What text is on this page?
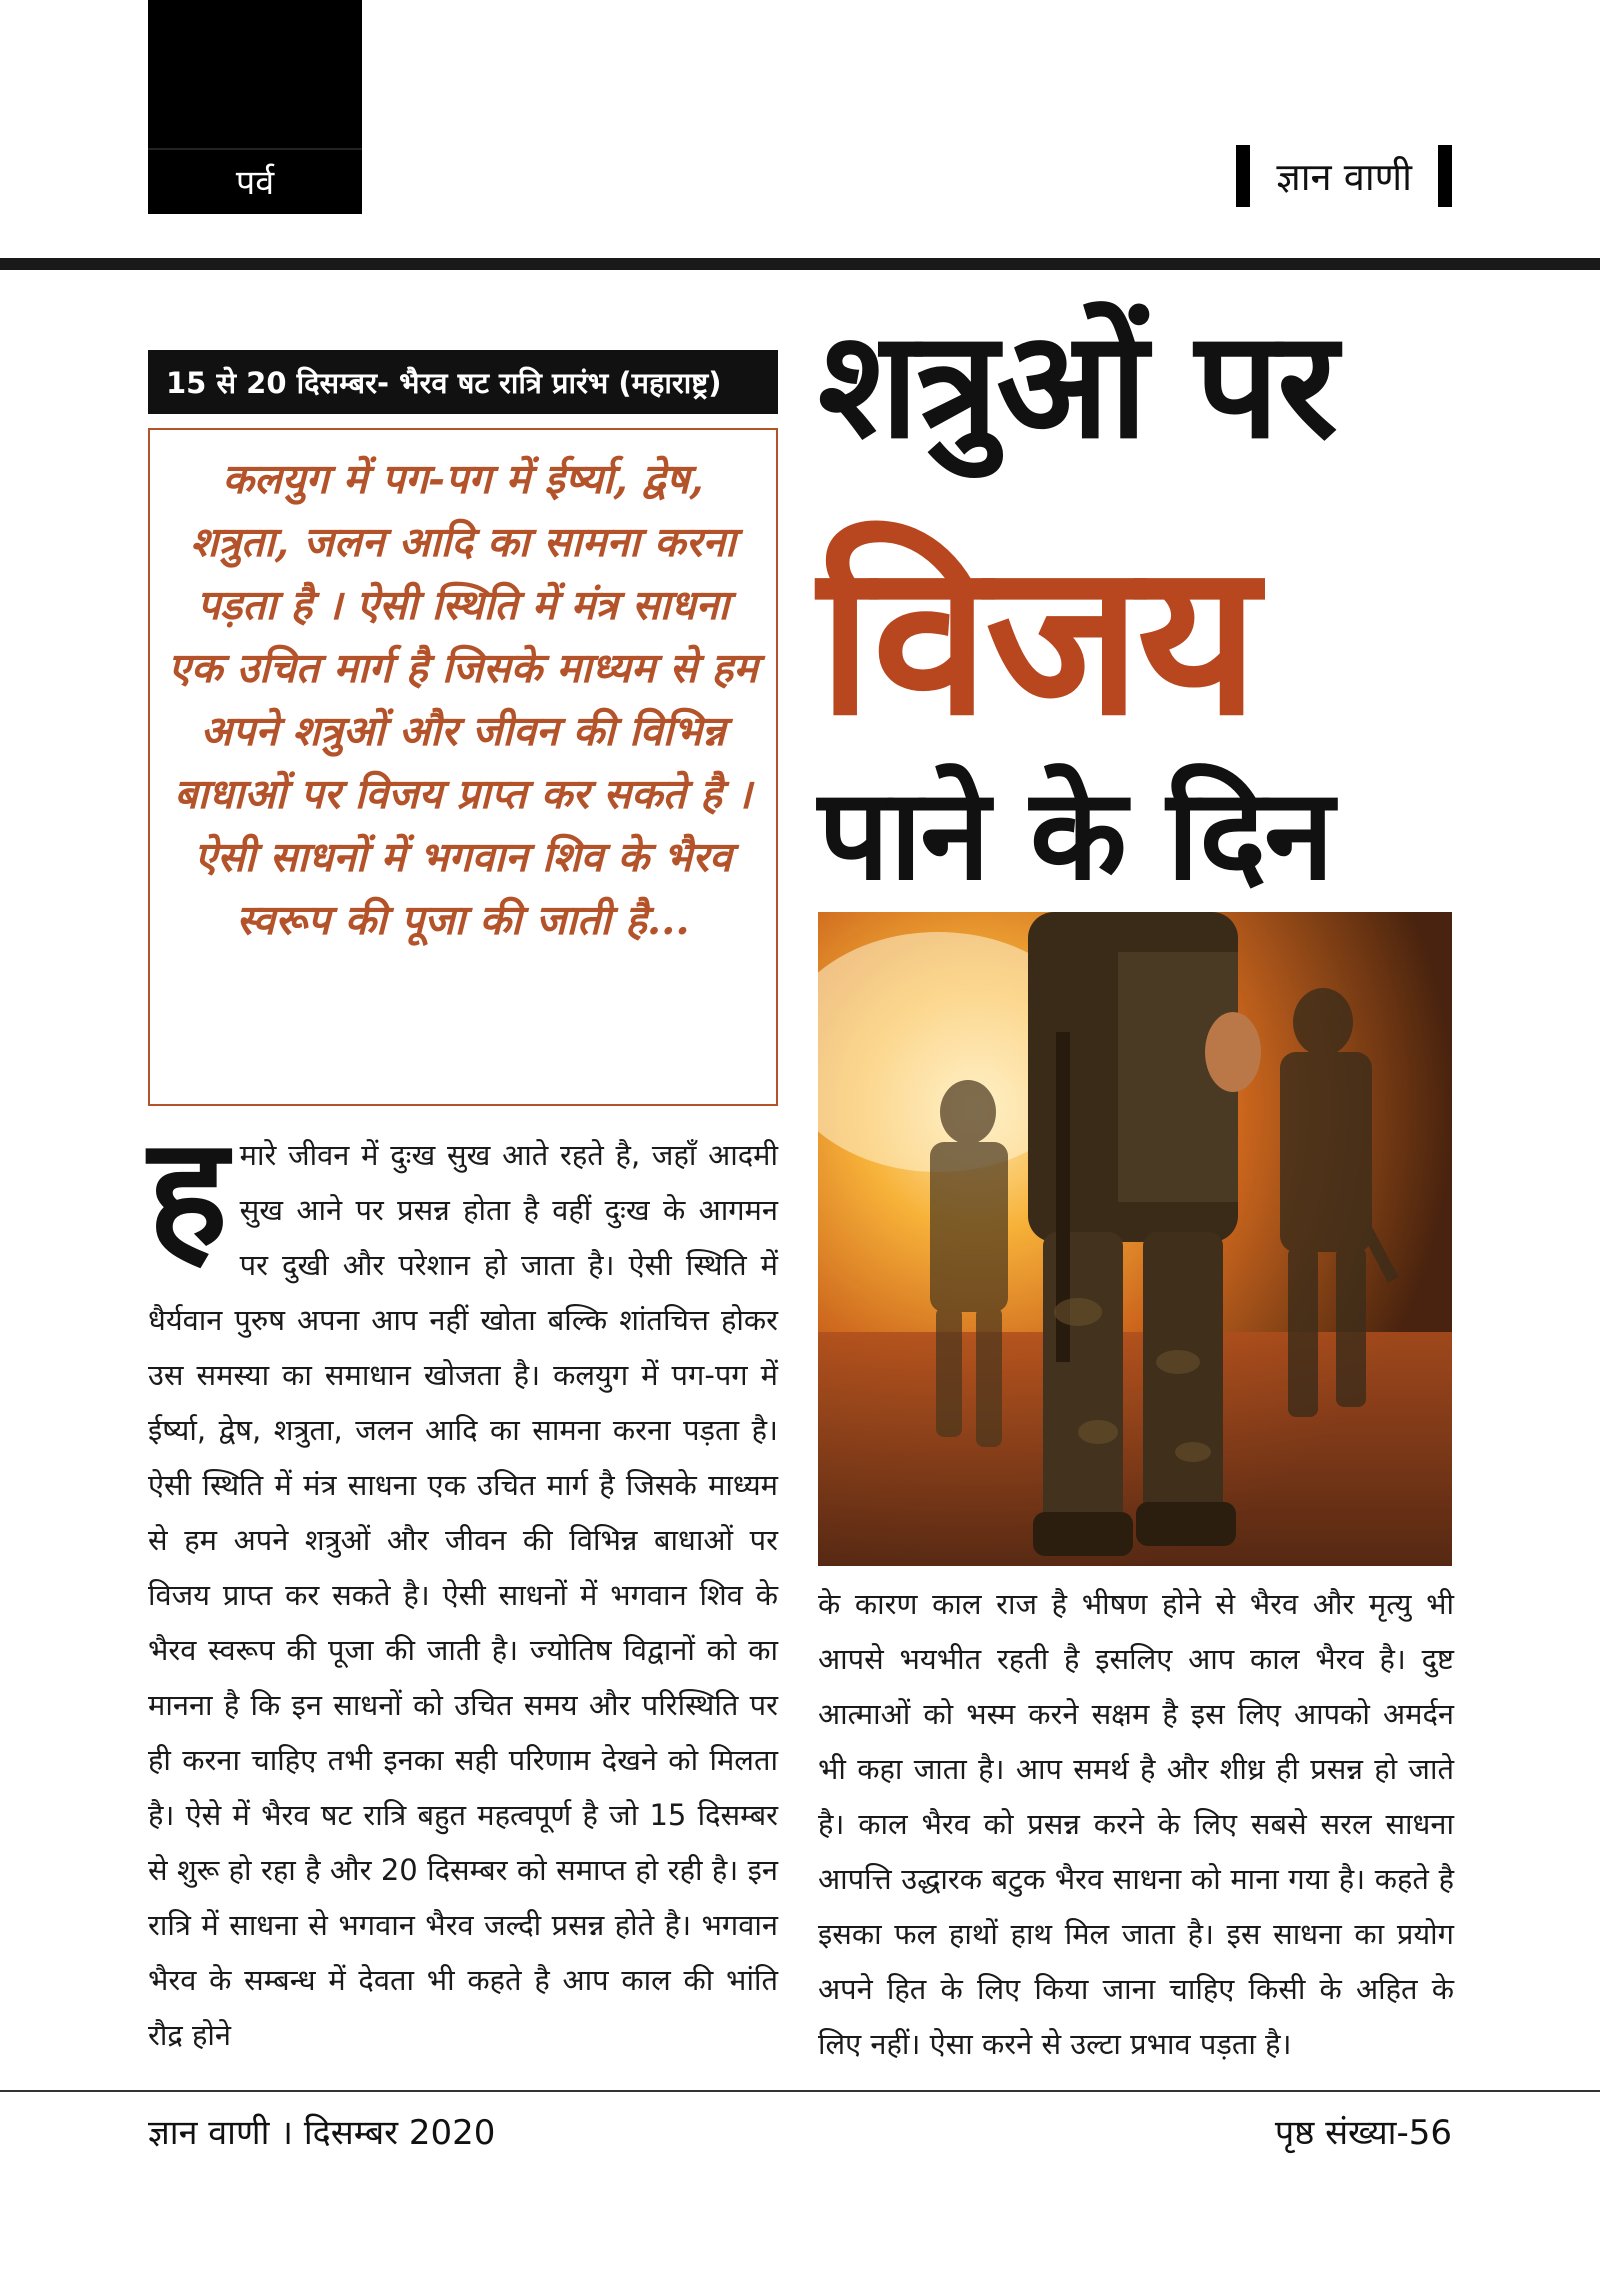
पर्व	ज्ञान वाणी
15 से 20 दिसम्बर- भैरव षट रात्रि प्रारंभ (महाराष्ट्र)
कलयुग में पग-पग में ईर्ष्या, द्वेष, शत्रुता, जलन आदि का सामना करना पड़ता है । ऐसी स्थिति में मंत्र साधना एक उचित मार्ग है जिसके माध्यम से हम अपने शत्रुओं और जीवन की विभिन्न बाधाओं पर विजय प्राप्त कर सकते है । ऐसी साधनों में भगवान शिव के भैरव स्वरूप की पूजा की जाती है...
शत्रुओं पर
विजय
पाने के दिन
हमारे जीवन में दुःख सुख आते रहते है, जहाँ आदमी सुख आने पर प्रसन्न होता है वहीं दुःख के आगमन पर दुखी और परेशान हो जाता है। ऐसी स्थिति में धैर्यवान पुरुष अपना आप नहीं खोता बल्कि शांतचित्त होकर उस समस्या का समाधान खोजता है। कलयुग में पग-पग में ईर्ष्या, द्वेष, शत्रुता, जलन आदि का सामना करना पड़ता है। ऐसी स्थिति में मंत्र साधना एक उचित मार्ग है जिसके माध्यम से हम अपने शत्रुओं और जीवन की विभिन्न बाधाओं पर विजय प्राप्त कर सकते है। ऐसी साधनों में भगवान शिव के भैरव स्वरूप की पूजा की जाती है। ज्योतिष विद्वानों को का मानना है कि इन साधनों को उचित समय और परिस्थिति पर ही करना चाहिए तभी इनका सही परिणाम देखने को मिलता है। ऐसे में भैरव षट रात्रि बहुत महत्वपूर्ण है जो 15 दिसम्बर से शुरू हो रहा है और 20 दिसम्बर को समाप्त हो रही है। इन रात्रि में साधना से भगवान भैरव जल्दी प्रसन्न होते है। भगवान भैरव के सम्बन्ध में देवता भी कहते है आप काल की भांति रौद्र होने
के कारण काल राज है भीषण होने से भैरव और मृत्यु भी आपसे भयभीत रहती है इसलिए आप काल भैरव है। दुष्ट आत्माओं को भस्म करने सक्षम है इस लिए आपको अमर्दन भी कहा जाता है। आप समर्थ है और शीध्र ही प्रसन्न हो जाते है। काल भैरव को प्रसन्न करने के लिए सबसे सरल साधना आपत्ति उद्धारक बटुक भैरव साधना को माना गया है। कहते है इसका फल हाथों हाथ मिल जाता है। इस साधना का प्रयोग अपने हित के लिए किया जाना चाहिए किसी के अहित के लिए नहीं। ऐसा करने से उल्टा प्रभाव पड़ता है।
ज्ञान वाणी । दिसम्बर 2020	पृष्ठ संख्या-56
